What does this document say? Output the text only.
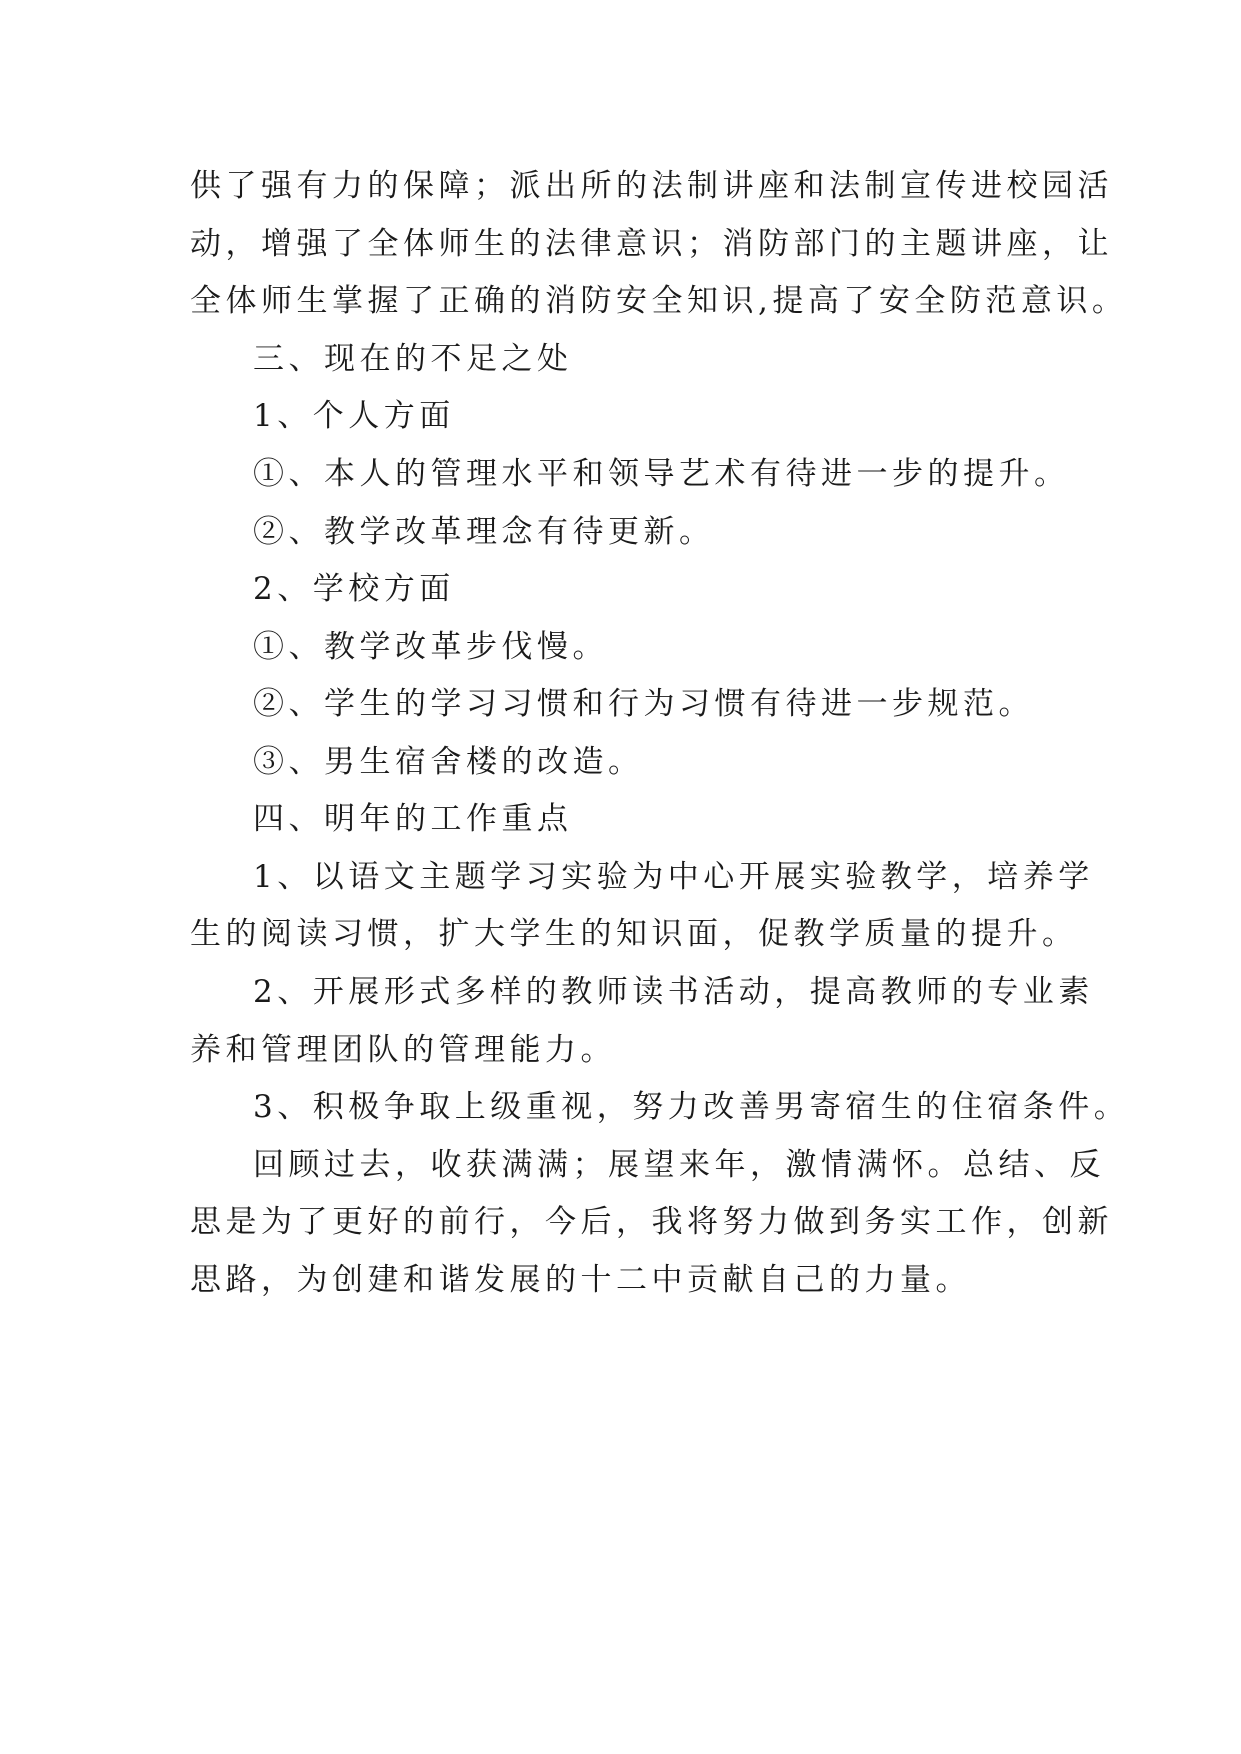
供了强有力的保障；派出所的法制讲座和法制宣传进校园活
动，增强了全体师生的法律意识；消防部门的主题讲座，让
全体师生掌握了正确的消防安全知识,提高了安全防范意识。
三、现在的不足之处
1、个人方面
①、本人的管理水平和领导艺术有待进一步的提升。
②、教学改革理念有待更新。
2、学校方面
①、教学改革步伐慢。
②、学生的学习习惯和行为习惯有待进一步规范。
③、男生宿舍楼的改造。
四、明年的工作重点
1、以语文主题学习实验为中心开展实验教学，培养学
生的阅读习惯，扩大学生的知识面，促教学质量的提升。
2、开展形式多样的教师读书活动，提高教师的专业素
养和管理团队的管理能力。
3、积极争取上级重视，努力改善男寄宿生的住宿条件。
回顾过去，收获满满；展望来年，激情满怀。总结、反
思是为了更好的前行，今后，我将努力做到务实工作，创新
思路，为创建和谐发展的十二中贡献自己的力量。
